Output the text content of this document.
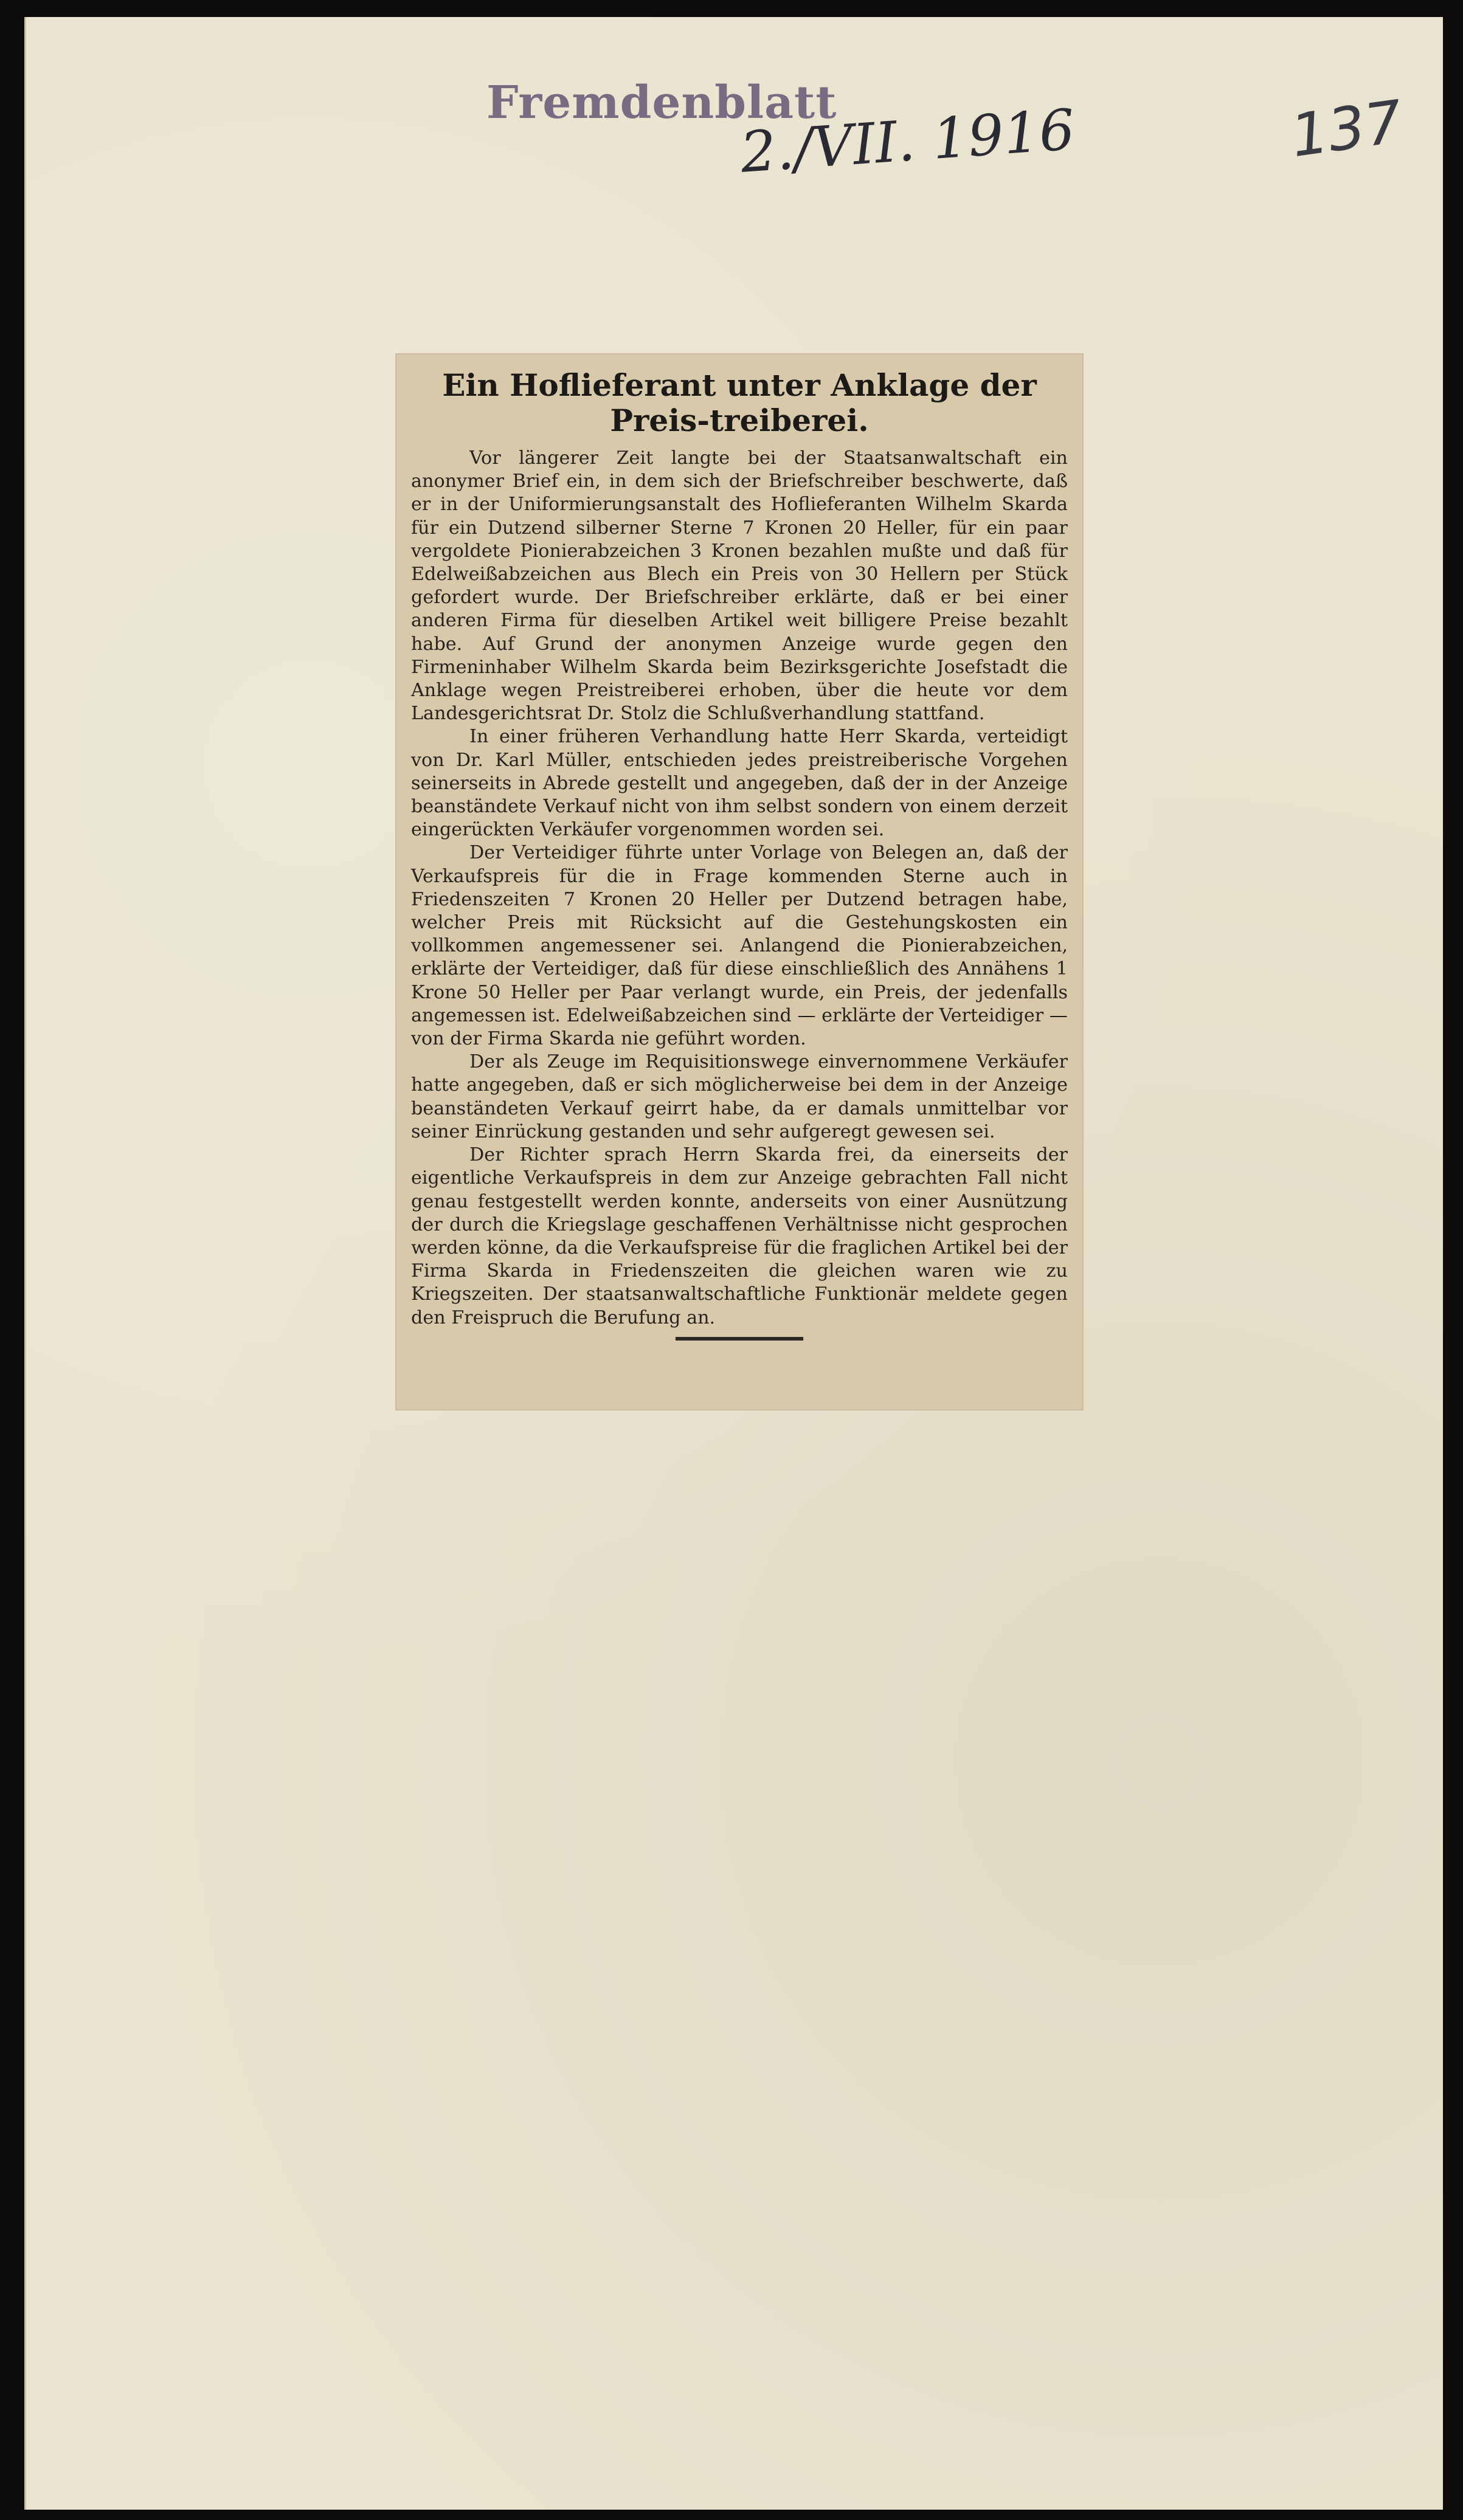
Fremdenblatt
2./VII. 1916	137
Ein Hoflieferant unter Anklage der Preis-treiberei.

Vor längerer Zeit langte bei der Staatsanwaltschaft ein anonymer Brief ein, in dem sich der Briefschreiber beschwerte, daß er in der Uniformierungsanstalt des Hoflieferanten Wilhelm Skarda für ein Dutzend silberner Sterne 7 Kronen 20 Heller, für ein paar vergoldete Pionierabzeichen 3 Kronen bezahlen mußte und daß für Edelweißabzeichen aus Blech ein Preis von 30 Hellern per Stück gefordert wurde. Der Briefschreiber erklärte, daß er bei einer anderen Firma für dieselben Artikel weit billigere Preise bezahlt habe. Auf Grund der anonymen Anzeige wurde gegen den Firmeninhaber Wilhelm Skarda beim Bezirksgerichte Josefstadt die Anklage wegen Preistreiberei erhoben, über die heute vor dem Landesgerichtsrat Dr. Stolz die Schlußverhandlung stattfand.

In einer früheren Verhandlung hatte Herr Skarda, verteidigt von Dr. Karl Müller, entschieden jedes preistreiberische Vorgehen seinerseits in Abrede gestellt und angegeben, daß der in der Anzeige beanständete Verkauf nicht von ihm selbst sondern von einem derzeit eingerückten Verkäufer vorgenommen worden sei.

Der Verteidiger führte unter Vorlage von Belegen an, daß der Verkaufspreis für die in Frage kommenden Sterne auch in Friedenszeiten 7 Kronen 20 Heller per Dutzend betragen habe, welcher Preis mit Rücksicht auf die Gestehungskosten ein vollkommen angemessener sei. Anlangend die Pionierabzeichen, erklärte der Verteidiger, daß für diese einschließlich des Annähens 1 Krone 50 Heller per Paar verlangt wurde, ein Preis, der jedenfalls angemessen ist. Edelweißabzeichen sind — erklärte der Verteidiger — von der Firma Skarda nie geführt worden.

Der als Zeuge im Requisitionswege einvernommene Verkäufer hatte angegeben, daß er sich möglicherweise bei dem in der Anzeige beanständeten Verkauf geirrt habe, da er damals unmittelbar vor seiner Einrückung gestanden und sehr aufgeregt gewesen sei.

Der Richter sprach Herrn Skarda frei, da einerseits der eigentliche Verkaufspreis in dem zur Anzeige gebrachten Fall nicht genau festgestellt werden konnte, anderseits von einer Ausnützung der durch die Kriegslage geschaffenen Verhältnisse nicht gesprochen werden könne, da die Verkaufspreise für die fraglichen Artikel bei der Firma Skarda in Friedenszeiten die gleichen waren wie zu Kriegszeiten. Der staatsanwaltschaftliche Funktionär meldete gegen den Freispruch die Berufung an.
